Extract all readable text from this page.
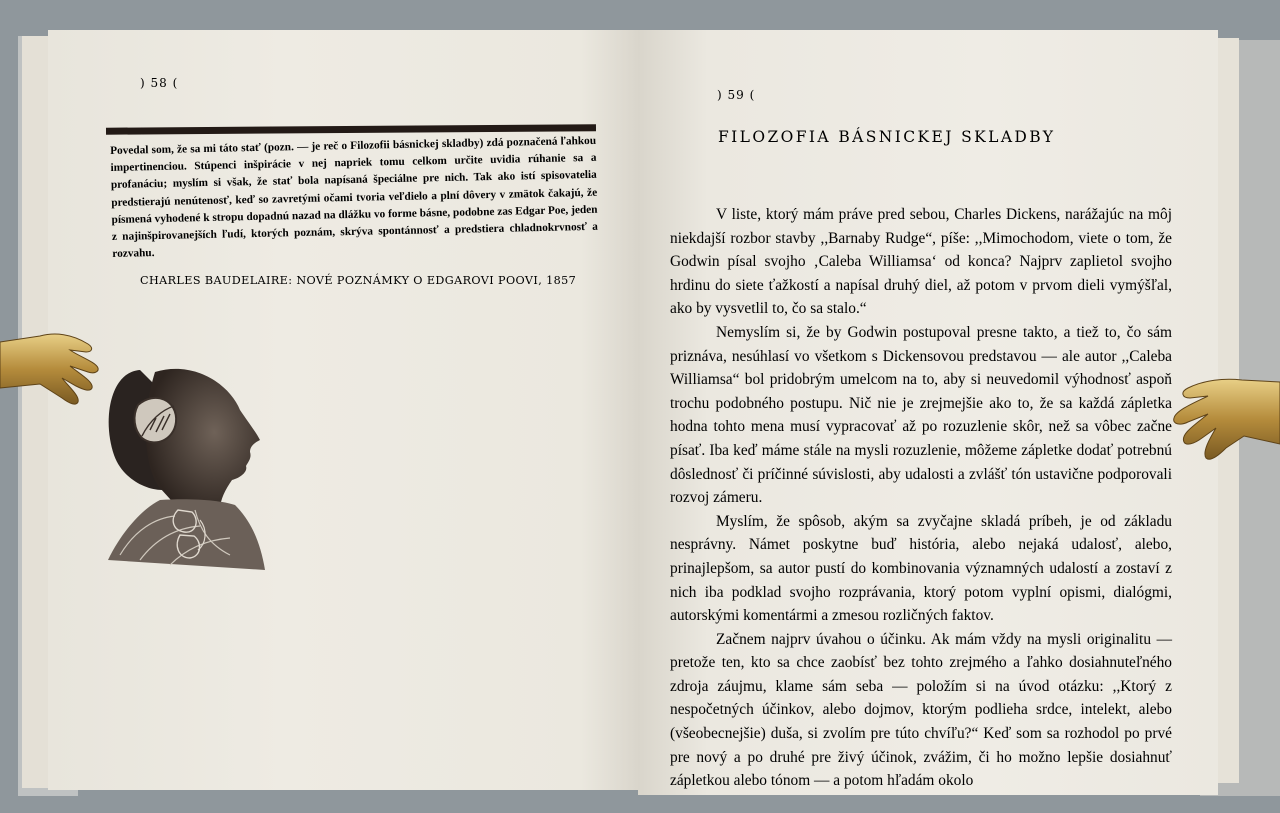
) 58 (
Povedal som, že sa mi táto stať (pozn. — je reč o Filozofii básnickej skladby) zdá poznačená ľahkou impertinenciou. Stúpenci inšpirácie v nej napriek tomu celkom určite uvidia rúhanie sa a profanáciu; myslím si však, že stať bola napísaná špeciálne pre nich. Tak ako istí spisovatelia predstierajú nenútenosť, keď so zavretými očami tvoria veľdielo a plní dôvery v zmätok čakajú, že písmená vyhodené k stropu dopadnú nazad na dlážku vo forme básne, podobne zas Edgar Poe, jeden z najinšpirovanejších ľudí, ktorých poznám, skrýva spontánnosť a predstiera chladnokrvnosť a rozvahu.
CHARLES BAUDELAIRE: NOVÉ POZNÁMKY O EDGAROVI POOVI, 1857
) 59 (
FILOZOFIA BÁSNICKEJ SKLADBY

V liste, ktorý mám práve pred sebou, Charles Dickens, narážajúc na môj niekdajší rozbor stavby ,,Barnaby Rudge“, píše: ,,Mimochodom, viete o tom, že Godwin písal svojho ‚Caleba Williamsa‘ od konca? Najprv zaplietol svojho hrdinu do siete ťažkostí a napísal druhý diel, až potom v prvom dieli vymýšľal, ako by vysvetlil to, čo sa stalo.“

Nemyslím si, že by Godwin postupoval presne takto, a tiež to, čo sám priznáva, nesúhlasí vo všetkom s Dickensovou predstavou — ale autor ,,Caleba Williamsa“ bol pridobrým umelcom na to, aby si neuvedomil výhodnosť aspoň trochu podobného postupu. Nič nie je zrejmejšie ako to, že sa každá zápletka hodna tohto mena musí vypracovať až po rozuzlenie skôr, než sa vôbec začne písať. Iba keď máme stále na mysli rozuzlenie, môžeme zápletke dodať potrebnú dôslednosť či príčinné súvislosti, aby udalosti a zvlášť tón ustavične podporovali rozvoj zámeru.

Myslím, že spôsob, akým sa zvyčajne skladá príbeh, je od základu nesprávny. Námet poskytne buď história, alebo nejaká udalosť, alebo, prinajlepšom, sa autor pustí do kombinovania významných udalostí a zostaví z nich iba podklad svojho rozprávania, ktorý potom vyplní opismi, dialógmi, autorskými komentármi a zmesou rozličných faktov.

Začnem najprv úvahou o účinku. Ak mám vždy na mysli originalitu — pretože ten, kto sa chce zaobísť bez tohto zrejmého a ľahko dosiahnuteľného zdroja záujmu, klame sám seba — položím si na úvod otázku: ,,Ktorý z nespočetných účinkov, alebo dojmov, ktorým podlieha srdce, intelekt, alebo (všeobecnejšie) duša, si zvolím pre túto chvíľu?“ Keď som sa rozhodol po prvé pre nový a po druhé pre živý účinok, zvážim, či ho možno lepšie dosiahnuť zápletkou alebo tónom — a potom hľadám okolo
